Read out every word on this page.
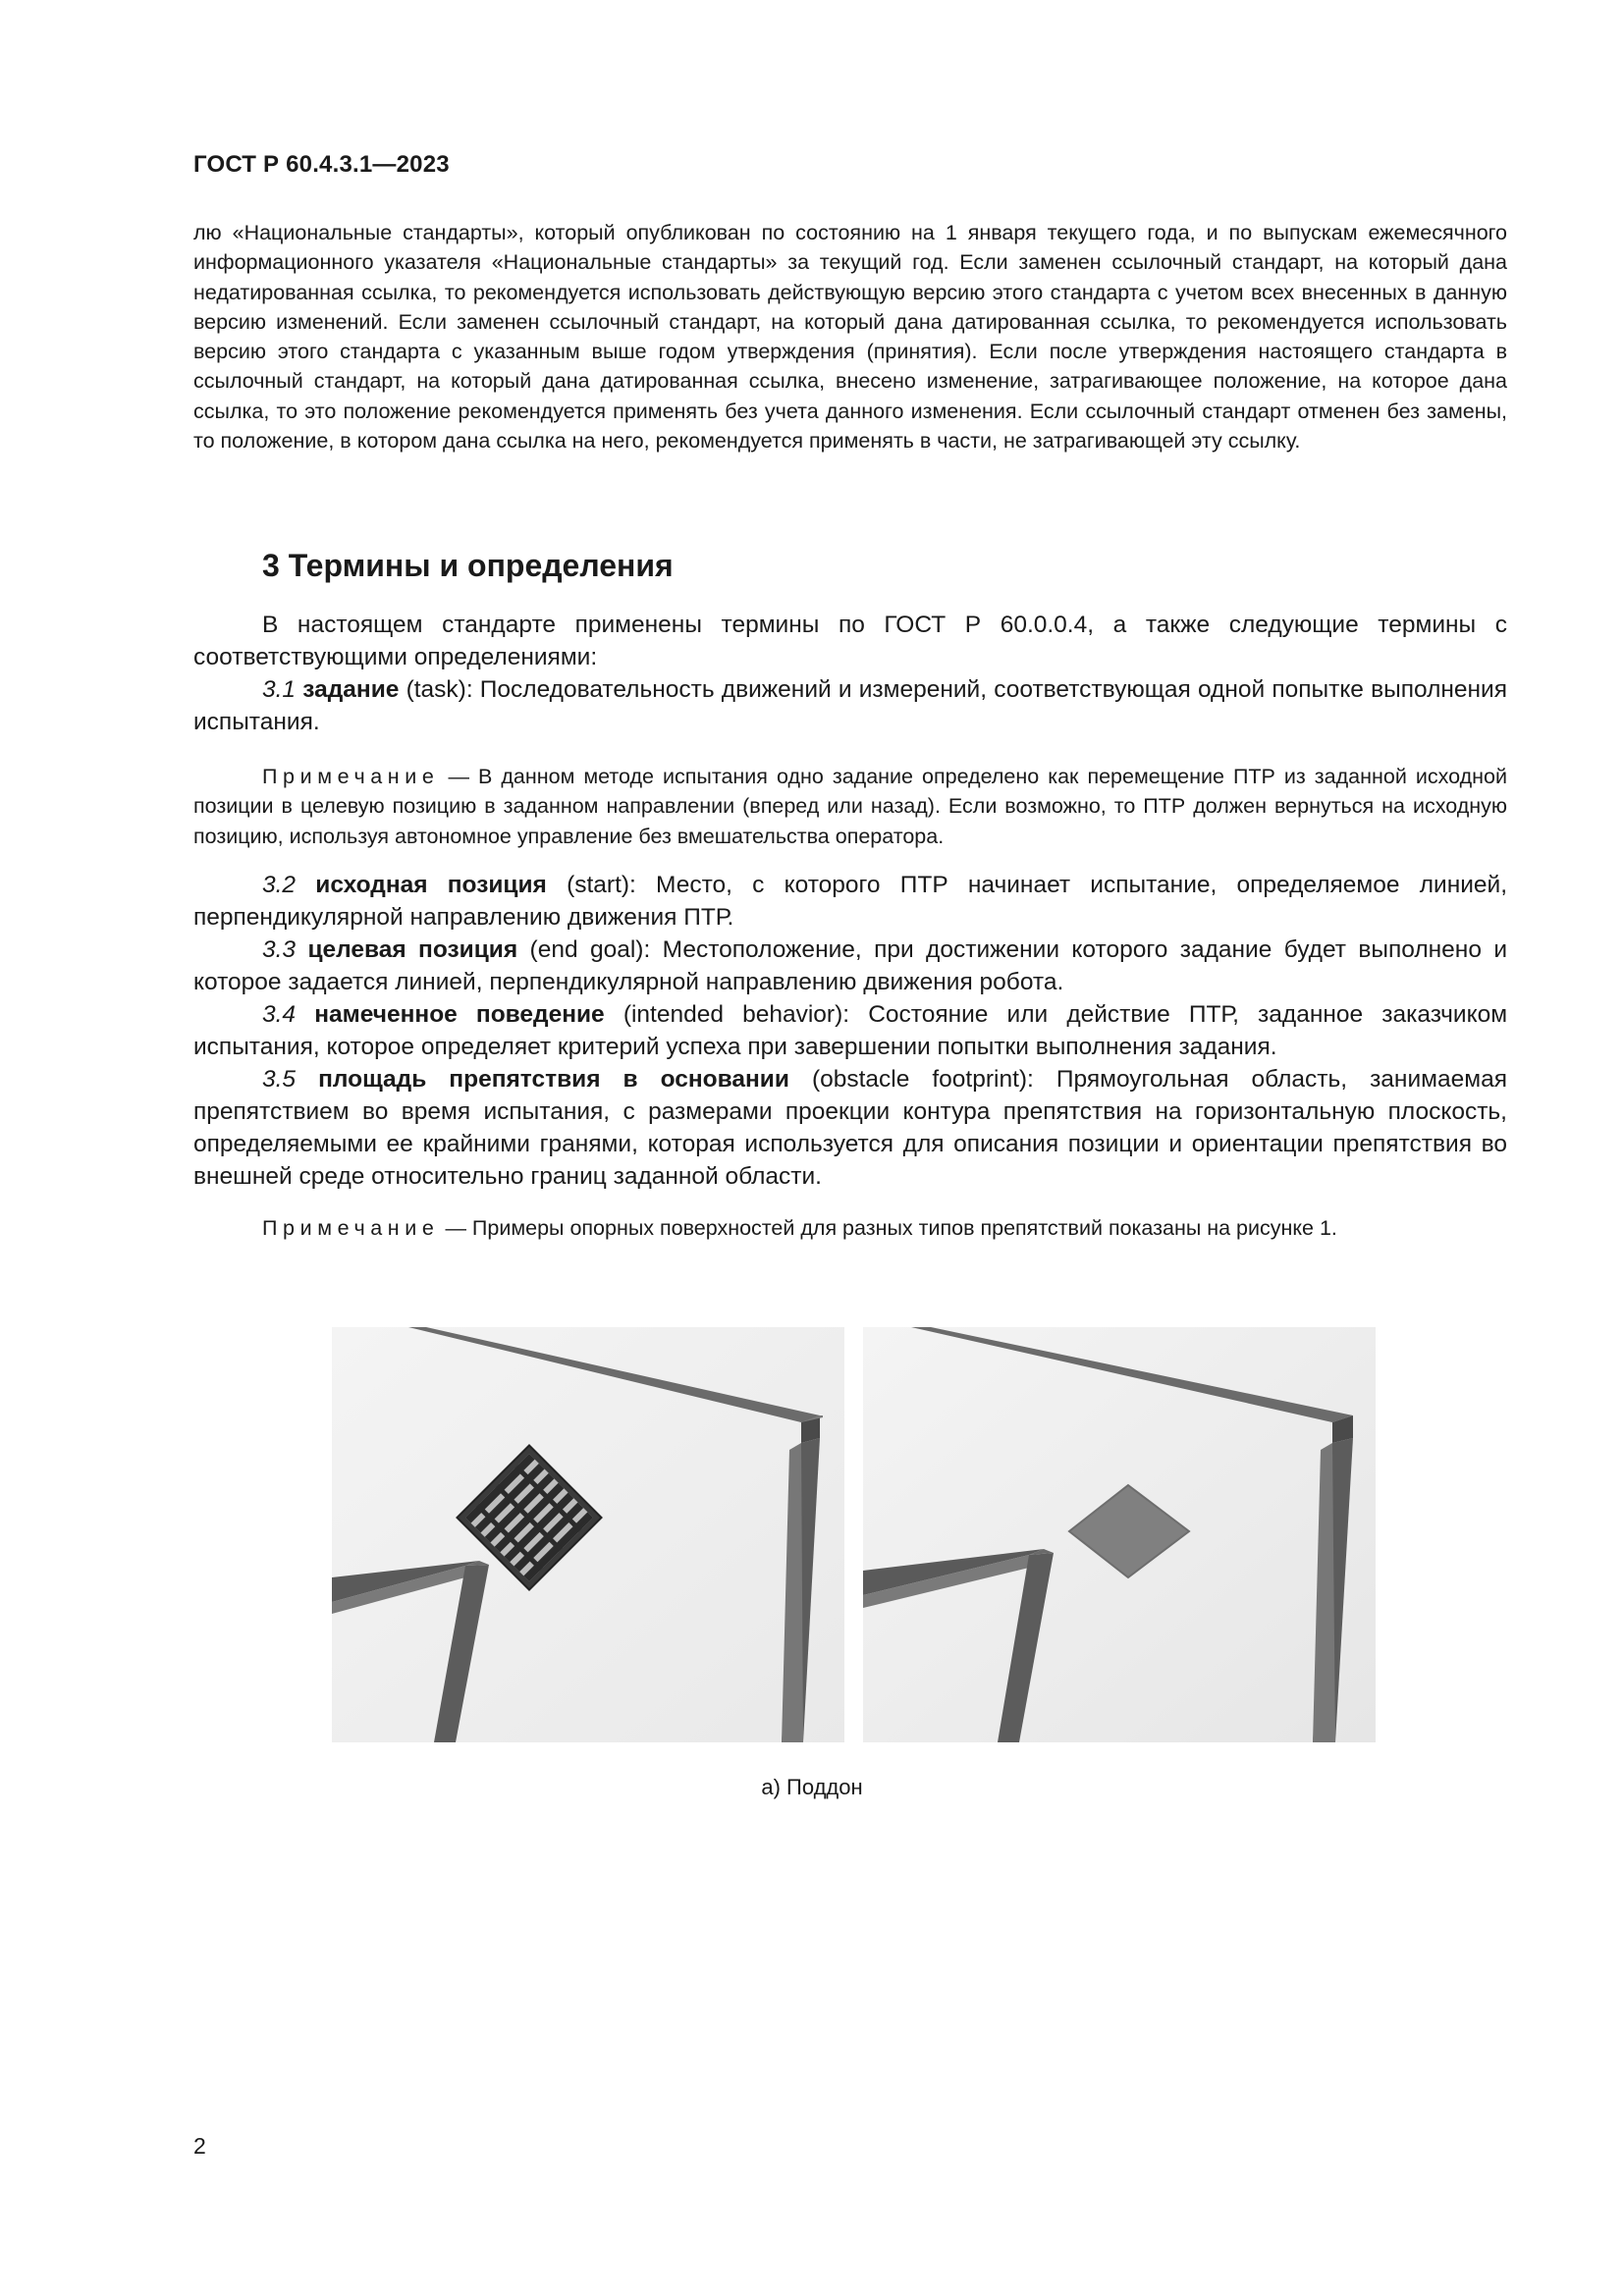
ГОСТ Р 60.4.3.1—2023

лю «Национальные стандарты», который опубликован по состоянию на 1 января текущего года, и по выпускам ежемесячного информационного указателя «Национальные стандарты» за текущий год. Если заменен ссылочный стандарт, на который дана недатированная ссылка, то рекомендуется использовать действующую версию этого стандарта с учетом всех внесенных в данную версию изменений. Если заменен ссылочный стандарт, на который дана датированная ссылка, то рекомендуется использовать версию этого стандарта с указанным выше годом утверждения (принятия). Если после утверждения настоящего стандарта в ссылочный стандарт, на который дана датированная ссылка, внесено изменение, затрагивающее положение, на которое дана ссылка, то это положение рекомендуется применять без учета данного изменения. Если ссылочный стандарт отменен без замены, то положение, в котором дана ссылка на него, рекомендуется применять в части, не затрагивающей эту ссылку.

3 Термины и определения

В настоящем стандарте применены термины по ГОСТ Р 60.0.0.4, а также следующие термины с соответствующими определениями:

3.1 задание (task): Последовательность движений и измерений, соответствующая одной попытке выполнения испытания.

Примечание — В данном методе испытания одно задание определено как перемещение ПТР из заданной исходной позиции в целевую позицию в заданном направлении (вперед или назад). Если возможно, то ПТР должен вернуться на исходную позицию, используя автономное управление без вмешательства оператора.

3.2 исходная позиция (start): Место, с которого ПТР начинает испытание, определяемое линией, перпендикулярной направлению движения ПТР.

3.3 целевая позиция (end goal): Местоположение, при достижении которого задание будет выполнено и которое задается линией, перпендикулярной направлению движения робота.

3.4 намеченное поведение (intended behavior): Состояние или действие ПТР, заданное заказчиком испытания, которое определяет критерий успеха при завершении попытки выполнения задания.

3.5 площадь препятствия в основании (obstacle footprint): Прямоугольная область, занимаемая препятствием во время испытания, с размерами проекции контура препятствия на горизонтальную плоскость, определяемыми ее крайними гранями, которая используется для описания позиции и ориентации препятствия во внешней среде относительно границ заданной области.

Примечание — Примеры опорных поверхностей для разных типов препятствий показаны на рисунке 1.

а) Поддон
2
